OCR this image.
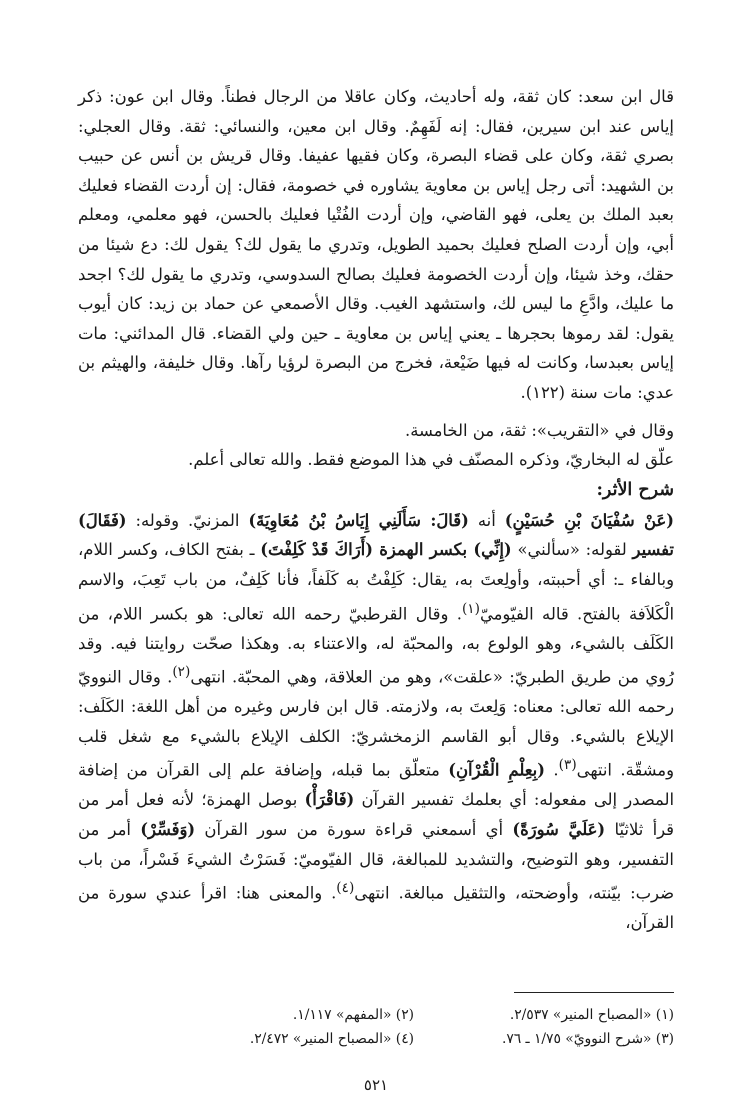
قال ابن سعد: كان ثقة، وله أحاديث، وكان عاقلا من الرجال فطناً. وقال ابن عون: ذكر إياس عند ابن سيرين، فقال: إنه لَفَهِمٌ. وقال ابن معين، والنسائي: ثقة. وقال العجلي: بصري ثقة، وكان على قضاء البصرة، وكان فقيها عفيفا. وقال قريش بن أنس عن حبيب بن الشهيد: أتى رجل إياس بن معاوية يشاوره في خصومة، فقال: إن أردت القضاء فعليك بعبد الملك بن يعلى، فهو القاضي، وإن أردت الفُتْيا فعليك بالحسن، فهو معلمي، ومعلم أبي، وإن أردت الصلح فعليك بحميد الطويل، وتدري ما يقول لك؟ يقول لك: دع شيئا من حقك، وخذ شيئا، وإن أردت الخصومة فعليك بصالح السدوسي، وتدري ما يقول لك؟ اجحد ما عليك، وادَّعِ ما ليس لك، واستشهد الغيب. وقال الأصمعي عن حماد بن زيد: كان أيوب يقول: لقد رموها بحجرها ـ يعني إياس بن معاوية ـ حين ولي القضاء. قال المدائني: مات إياس بعبدسا، وكانت له فيها ضَيْعة، فخرج من البصرة لرؤيا رآها. وقال خليفة، والهيثم بن عدي: مات سنة (١٢٢).

وقال في «التقريب»: ثقة، من الخامسة.

علّق له البخاريّ، وذكره المصنّف في هذا الموضع فقط. والله تعالى أعلم.

شرح الأثر:

(عَنْ سُفْيَانَ بْنِ حُسَيْنٍ) أنه (قَالَ: سَأَلَنِي إِيَاسُ بْنُ مُعَاوِيَةَ) المزنيّ. وقوله: (فَقَالَ) تفسير لقوله: «سألني» (إِنِّي) بكسر الهمزة (أَرَاكَ قَدْ كَلِفْتَ) ـ بفتح الكاف، وكسر اللام، وبالفاء ـ: أي أحببته، وأولِعتَ به، يقال: كَلِفْتُ به كَلَفاً، فأنا كَلِفٌ، من باب تَعِبَ، والاسم الْكَلاَفة بالفتح. قاله الفيّوميّ$^{(١)}$. وقال القرطبيّ رحمه الله تعالى: هو بكسر اللام، من الكَلَف بالشيء، وهو الولوع به، والمحبّة له، والاعتناء به. وهكذا صحّت روايتنا فيه. وقد رُوي من طريق الطبريّ: «علقت»، وهو من العلاقة، وهي المحبّة. انتهى$^{(٢)}$. وقال النوويّ رحمه الله تعالى: معناه: وَلِعتَ به، ولازمته. قال ابن فارس وغيره من أهل اللغة: الكَلَف: الإيلاع بالشيء. وقال أبو القاسم الزمخشريّ: الكلف الإيلاع بالشيء مع شغل قلب ومشقّة. انتهى$^{(٣)}$. (بِعِلْمِ الْقُرْآنِ) متعلّق بما قبله، وإضافة علم إلى القرآن من إضافة المصدر إلى مفعوله: أي بعلمك تفسير القرآن (فَاقْرَأْ) بوصل الهمزة؛ لأنه فعل أمر من قرأ ثلاثيّا (عَلَيَّ سُورَةً) أي أسمعني قراءة سورة من سور القرآن (وَفَسِّرْ) أمر من التفسير، وهو التوضيح، والتشديد للمبالغة، قال الفيّوميّ: فَسَرْتُ الشيءَ فَسْراً، من باب ضرب: بيّنته، وأوضحته، والتثقيل مبالغة. انتهى$^{(٤)}$. والمعنى هنا: اقرأ عندي سورة من القرآن،

(١) «المصباح المنير» ٢/٥٣٧.
(٢) «المفهم» ١/١١٧.
(٣) «شرح النوويّ» ١/٧٥ ـ ٧٦.
(٤) «المصباح المنير» ٢/٤٧٢.
٥٢١
